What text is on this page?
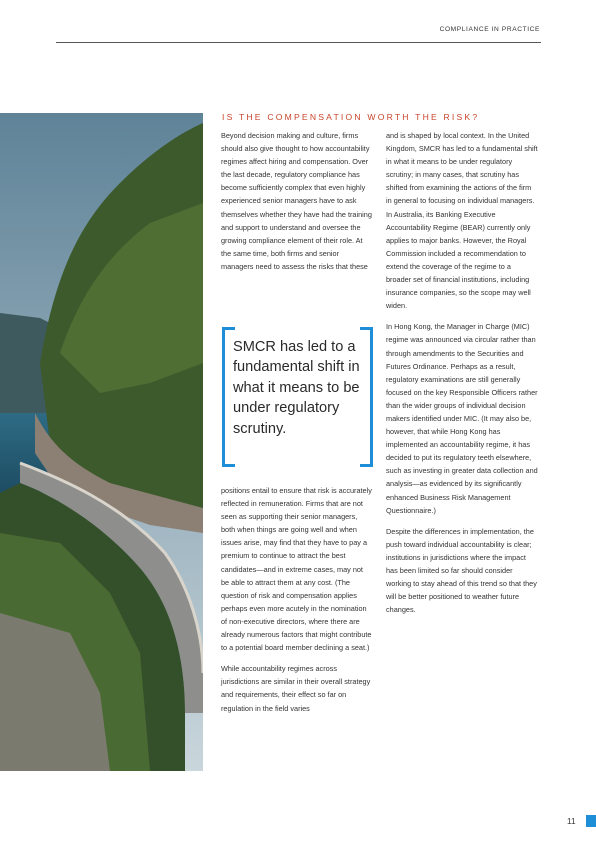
COMPLIANCE IN PRACTICE
IS THE COMPENSATION WORTH THE RISK?

Beyond decision making and culture, firms should also give thought to how accountability regimes affect hiring and compensation. Over the last decade, regulatory compliance has become sufficiently complex that even highly experienced senior managers have to ask themselves whether they have had the training and support to understand and oversee the growing compliance element of their role. At the same time, both firms and senior managers need to assess the risks that these

SMCR has led to a fundamental shift in what it means to be under regulatory scrutiny.

positions entail to ensure that risk is accurately reflected in remuneration. Firms that are not seen as supporting their senior managers, both when things are going well and when issues arise, may find that they have to pay a premium to continue to attract the best candidates—and in extreme cases, may not be able to attract them at any cost. (The question of risk and compensation applies perhaps even more acutely in the nomination of non-executive directors, where there are already numerous factors that might contribute to a potential board member declining a seat.)

While accountability regimes across jurisdictions are similar in their overall strategy and requirements, their effect so far on regulation in the field varies

and is shaped by local context. In the United Kingdom, SMCR has led to a fundamental shift in what it means to be under regulatory scrutiny; in many cases, that scrutiny has shifted from examining the actions of the firm in general to focusing on individual managers. In Australia, its Banking Executive Accountability Regime (BEAR) currently only applies to major banks. However, the Royal Commission included a recommendation to extend the coverage of the regime to a broader set of financial institutions, including insurance companies, so the scope may well widen.

In Hong Kong, the Manager in Charge (MIC) regime was announced via circular rather than through amendments to the Securities and Futures Ordinance. Perhaps as a result, regulatory examinations are still generally focused on the key Responsible Officers rather than the wider groups of individual decision makers identified under MIC. (It may also be, however, that while Hong Kong has implemented an accountability regime, it has decided to put its regulatory teeth elsewhere, such as investing in greater data collection and analysis—as evidenced by its significantly enhanced Business Risk Management Questionnaire.)

Despite the differences in implementation, the push toward individual accountability is clear; institutions in jurisdictions where the impact has been limited so far should consider working to stay ahead of this trend so that they will be better positioned to weather future changes.

11
